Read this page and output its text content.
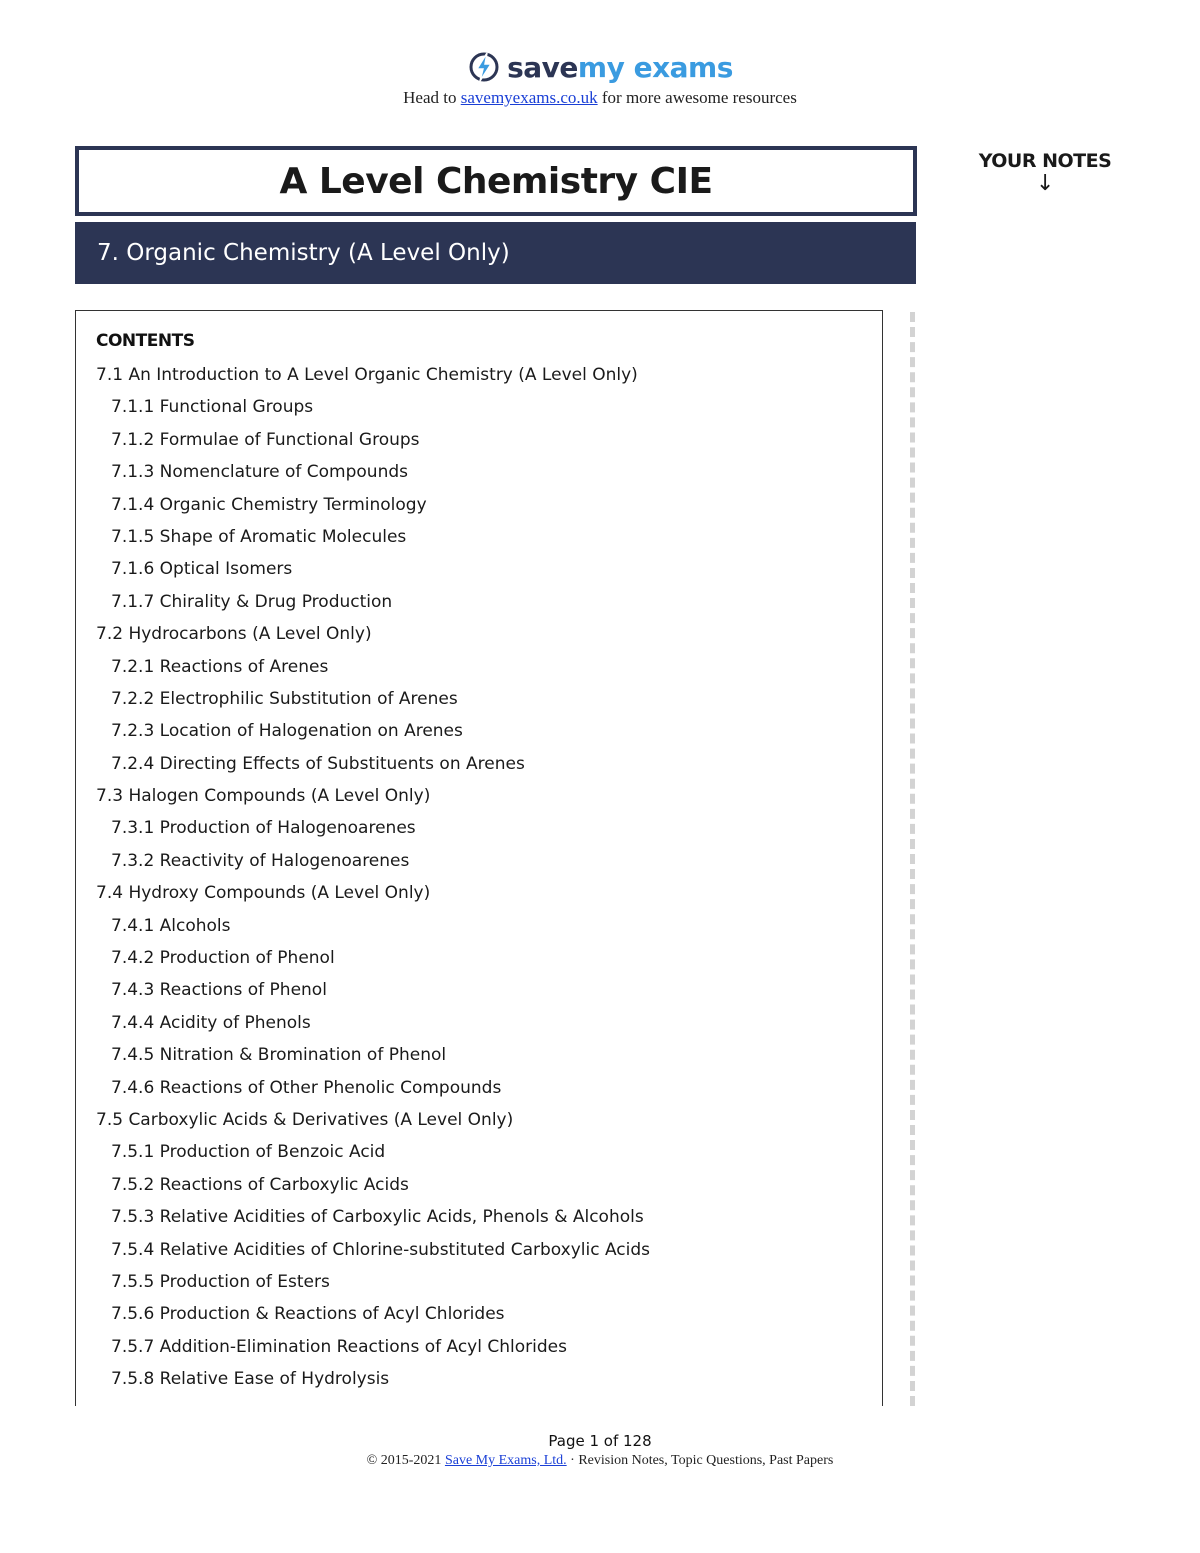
savemy exams
Head to savemyexams.co.uk for more awesome resources
A Level Chemistry CIE
7. Organic Chemistry (A Level Only)
YOUR NOTES
↓
CONTENTS
7.1 An Introduction to A Level Organic Chemistry (A Level Only)
7.1.1 Functional Groups
7.1.2 Formulae of Functional Groups
7.1.3 Nomenclature of Compounds
7.1.4 Organic Chemistry Terminology
7.1.5 Shape of Aromatic Molecules
7.1.6 Optical Isomers
7.1.7 Chirality & Drug Production
7.2 Hydrocarbons (A Level Only)
7.2.1 Reactions of Arenes
7.2.2 Electrophilic Substitution of Arenes
7.2.3 Location of Halogenation on Arenes
7.2.4 Directing Effects of Substituents on Arenes
7.3 Halogen Compounds (A Level Only)
7.3.1 Production of Halogenoarenes
7.3.2 Reactivity of Halogenoarenes
7.4 Hydroxy Compounds (A Level Only)
7.4.1 Alcohols
7.4.2 Production of Phenol
7.4.3 Reactions of Phenol
7.4.4 Acidity of Phenols
7.4.5 Nitration & Bromination of Phenol
7.4.6 Reactions of Other Phenolic Compounds
7.5 Carboxylic Acids & Derivatives (A Level Only)
7.5.1 Production of Benzoic Acid
7.5.2 Reactions of Carboxylic Acids
7.5.3 Relative Acidities of Carboxylic Acids, Phenols & Alcohols
7.5.4 Relative Acidities of Chlorine-substituted Carboxylic Acids
7.5.5 Production of Esters
7.5.6 Production & Reactions of Acyl Chlorides
7.5.7 Addition-Elimination Reactions of Acyl Chlorides
7.5.8 Relative Ease of Hydrolysis
Page 1 of 128
© 2015-2021 Save My Exams, Ltd. · Revision Notes, Topic Questions, Past Papers
